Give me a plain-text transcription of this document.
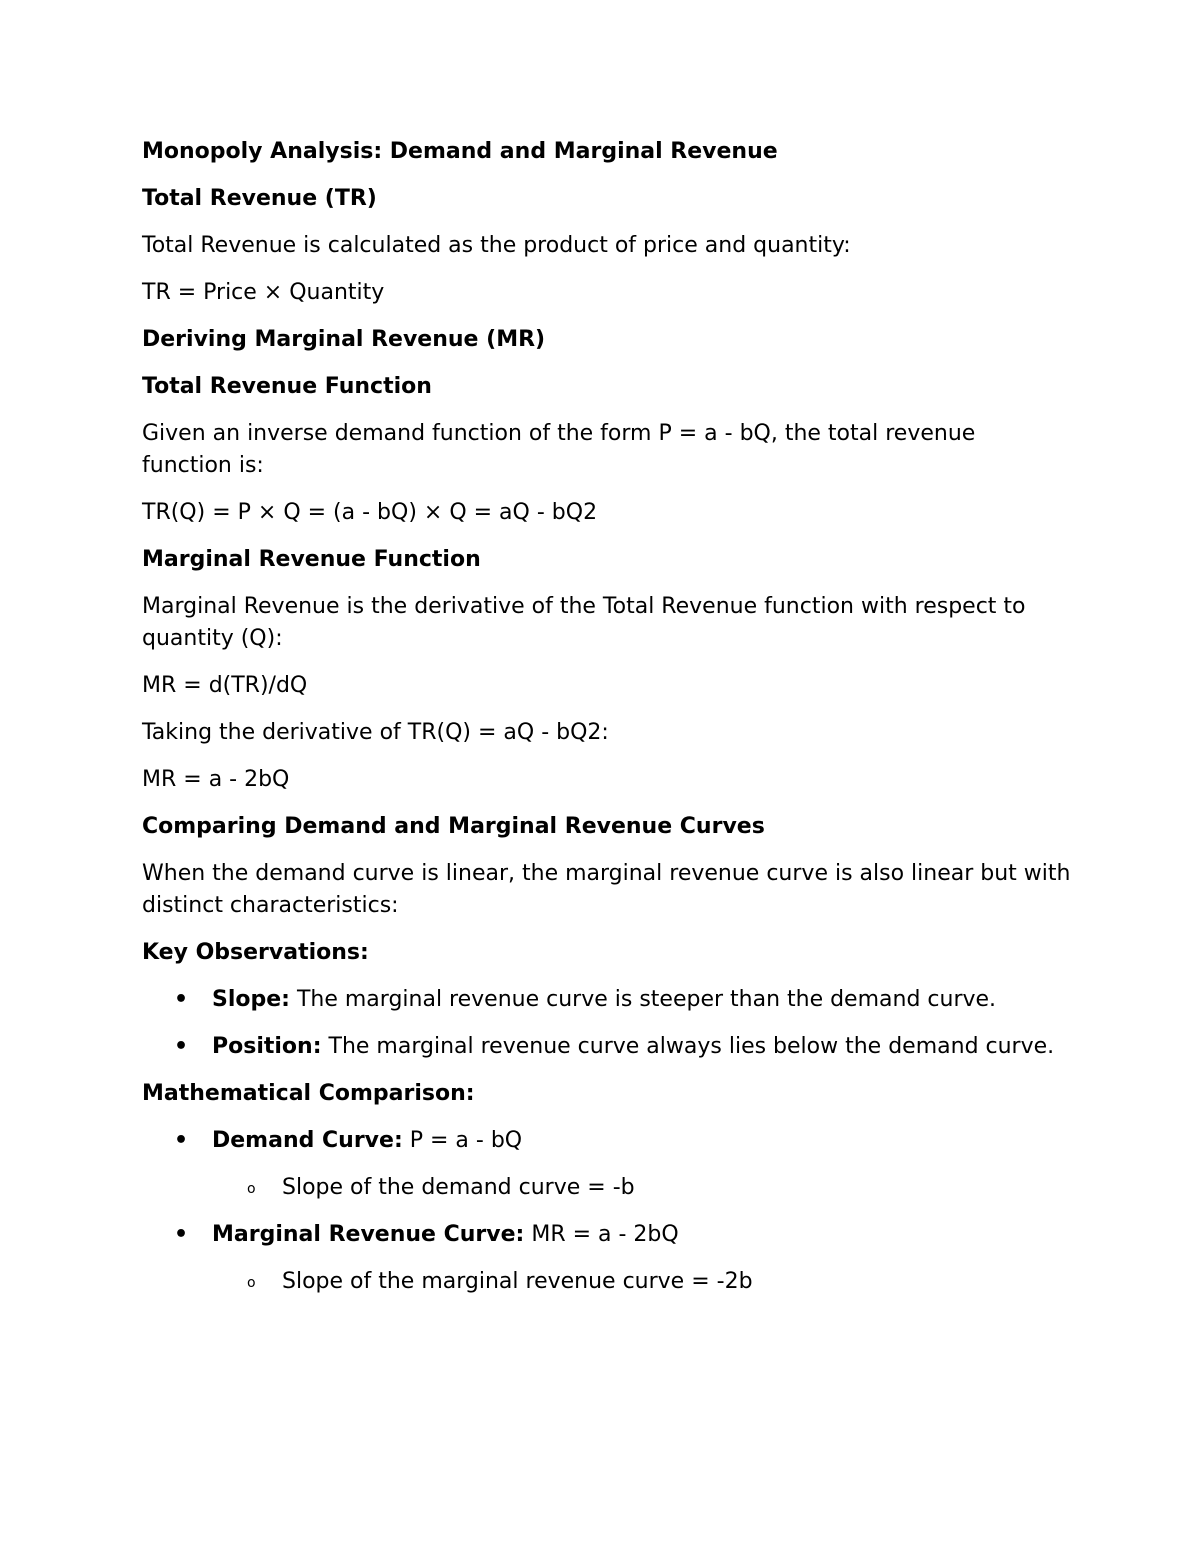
Monopoly Analysis: Demand and Marginal Revenue
Total Revenue (TR)
Total Revenue is calculated as the product of price and quantity:
TR = Price × Quantity
Deriving Marginal Revenue (MR)
Total Revenue Function
Given an inverse demand function of the form P = a - bQ, the total revenue function is:
TR(Q) = P × Q = (a - bQ) × Q = aQ - bQ2
Marginal Revenue Function
Marginal Revenue is the derivative of the Total Revenue function with respect to quantity (Q):
MR = d(TR)/dQ
Taking the derivative of TR(Q) = aQ - bQ2:
MR = a - 2bQ
Comparing Demand and Marginal Revenue Curves
When the demand curve is linear, the marginal revenue curve is also linear but with distinct characteristics:
Key Observations:
• Slope: The marginal revenue curve is steeper than the demand curve.
• Position: The marginal revenue curve always lies below the demand curve.
Mathematical Comparison:
• Demand Curve: P = a - bQ
o Slope of the demand curve = -b
• Marginal Revenue Curve: MR = a - 2bQ
o Slope of the marginal revenue curve = -2b
